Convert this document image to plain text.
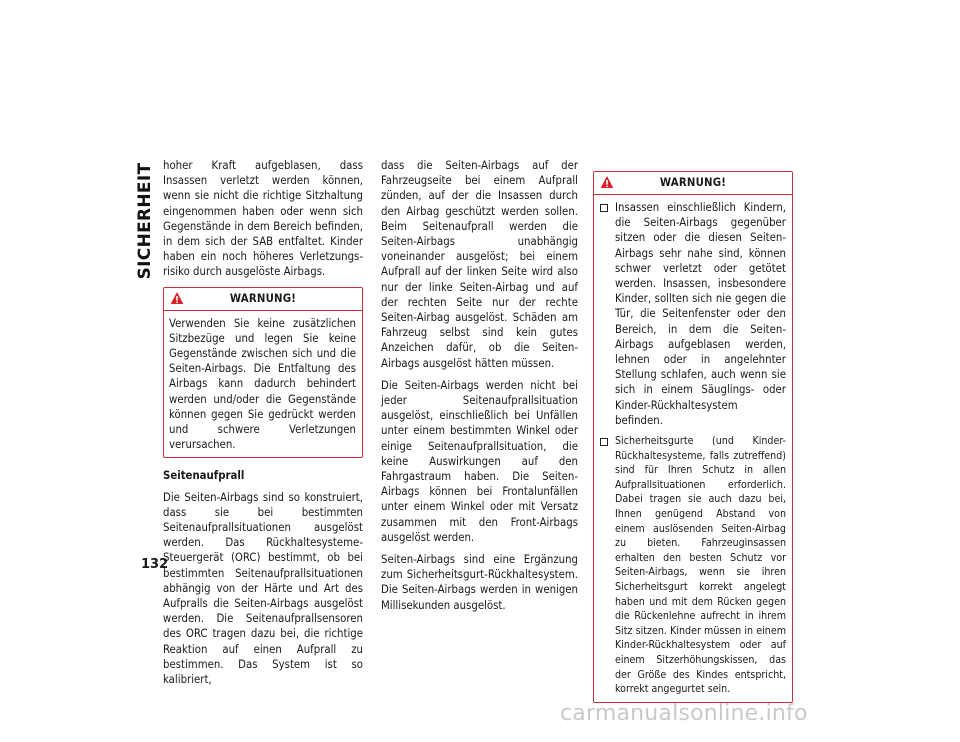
SICHERHEIT
132

hoher Kraft aufgeblasen, dass Insassen verletzt werden können, wenn sie nicht die richtige Sitzhaltung eingenommen haben oder wenn sich Gegenstände in dem Bereich befinden, in dem sich der SAB entfaltet. Kinder haben ein noch höheres Verletzungsrisiko durch ausgelöste Airbags.

WARNUNG!

Verwenden Sie keine zusätzlichen Sitzbezüge und legen Sie keine Gegenstände zwischen sich und die Seiten-Airbags. Die Entfaltung des Airbags kann dadurch behindert werden und/oder die Gegenstände können gegen Sie gedrückt werden und schwere Verletzungen verursachen.

Seitenaufprall

Die Seiten-Airbags sind so konstruiert, dass sie bei bestimmten Seitenaufprallsituationen ausgelöst werden. Das Rückhaltesysteme-Steuergerät (ORC) bestimmt, ob bei bestimmten Seitenaufprallsituationen abhängig von der Härte und Art des Aufpralls die Seiten-Airbags ausgelöst werden. Die Seitenaufprallsensoren des ORC tragen dazu bei, die richtige Reaktion auf einen Aufprall zu bestimmen. Das System ist so kalibriert,

dass die Seiten-Airbags auf der Fahrzeugseite bei einem Aufprall zünden, auf der die Insassen durch den Airbag geschützt werden sollen. Beim Seitenaufprall werden die Seiten-Airbags unabhängig voneinander ausgelöst; bei einem Aufprall auf der linken Seite wird also nur der linke Seiten-Airbag und auf der rechten Seite nur der rechte Seiten-Airbag ausgelöst. Schäden am Fahrzeug selbst sind kein gutes Anzeichen dafür, ob die Seiten-Airbags ausgelöst hätten müssen.

Die Seiten-Airbags werden nicht bei jeder Seitenaufprallsituation ausgelöst, einschließlich bei Unfällen unter einem bestimmten Winkel oder einige Seitenaufprallsituation, die keine Auswirkungen auf den Fahrgastraum haben. Die Seiten-Airbags können bei Frontalunfällen unter einem Winkel oder mit Versatz zusammen mit den Front-Airbags ausgelöst werden.

Seiten-Airbags sind eine Ergänzung zum Sicherheitsgurt-Rückhaltesystem. Die Seiten-Airbags werden in wenigen Millisekunden ausgelöst.

WARNUNG!
Insassen einschließlich Kindern, die Seiten-Airbags gegenüber sitzen oder die diesen Seiten-Airbags sehr nahe sind, können schwer verletzt oder getötet werden. Insassen, insbesondere Kinder, sollten sich nie gegen die Tür, die Seitenfenster oder den Bereich, in dem die Seiten-Airbags aufgeblasen werden, lehnen oder in angelehnter Stellung schlafen, auch wenn sie sich in einem Säuglings- oder Kinder-Rückhaltesystem befinden.
Sicherheitsgurte (und Kinder-Rückhaltesysteme, falls zutreffend) sind für Ihren Schutz in allen Aufprallsituationen erforderlich. Dabei tragen sie auch dazu bei, Ihnen genügend Abstand von einem auslösenden Seiten-Airbag zu bieten. Fahrzeuginsassen erhalten den besten Schutz vor Seiten-Airbags, wenn sie ihren Sicherheitsgurt korrekt angelegt haben und mit dem Rücken gegen die Rückenlehne aufrecht in ihrem Sitz sitzen. Kinder müssen in einem Kinder-Rückhaltesystem oder auf einem Sitzerhöhungskissen, das der Größe des Kindes entspricht, korrekt angegurtet sein.
carmanualsonline.info
